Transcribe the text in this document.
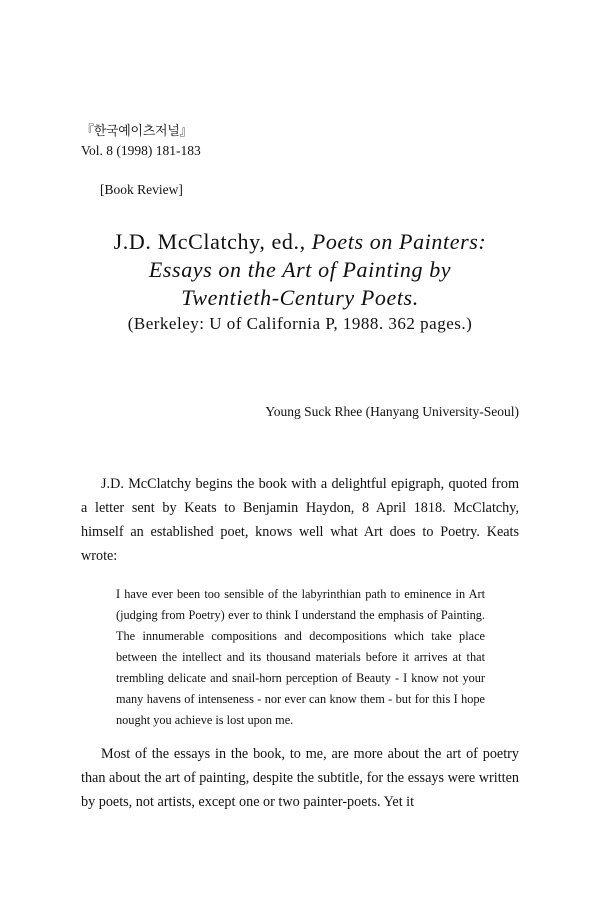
『한국예이츠저널』
Vol. 8 (1998) 181-183
[Book Review]
J.D. McClatchy, ed., Poets on Painters:
Essays on the Art of Painting by
Twentieth-Century Poets.
(Berkeley: U of California P, 1988. 362 pages.)
Young Suck Rhee (Hanyang University-Seoul)

J.D. McClatchy begins the book with a delightful epigraph, quoted from a letter sent by Keats to Benjamin Haydon, 8 April 1818. McClatchy, himself an established poet, knows well what Art does to Poetry. Keats wrote:

I have ever been too sensible of the labyrinthian path to eminence in Art (judging from Poetry) ever to think I understand the emphasis of Painting. The innumerable compositions and decompositions which take place between the intellect and its thousand materials before it arrives at that trembling delicate and snail-horn perception of Beauty - I know not your many havens of intenseness - nor ever can know them - but for this I hope nought you achieve is lost upon me.

Most of the essays in the book, to me, are more about the art of poetry than about the art of painting, despite the subtitle, for the essays were written by poets, not artists, except one or two painter-poets. Yet it
